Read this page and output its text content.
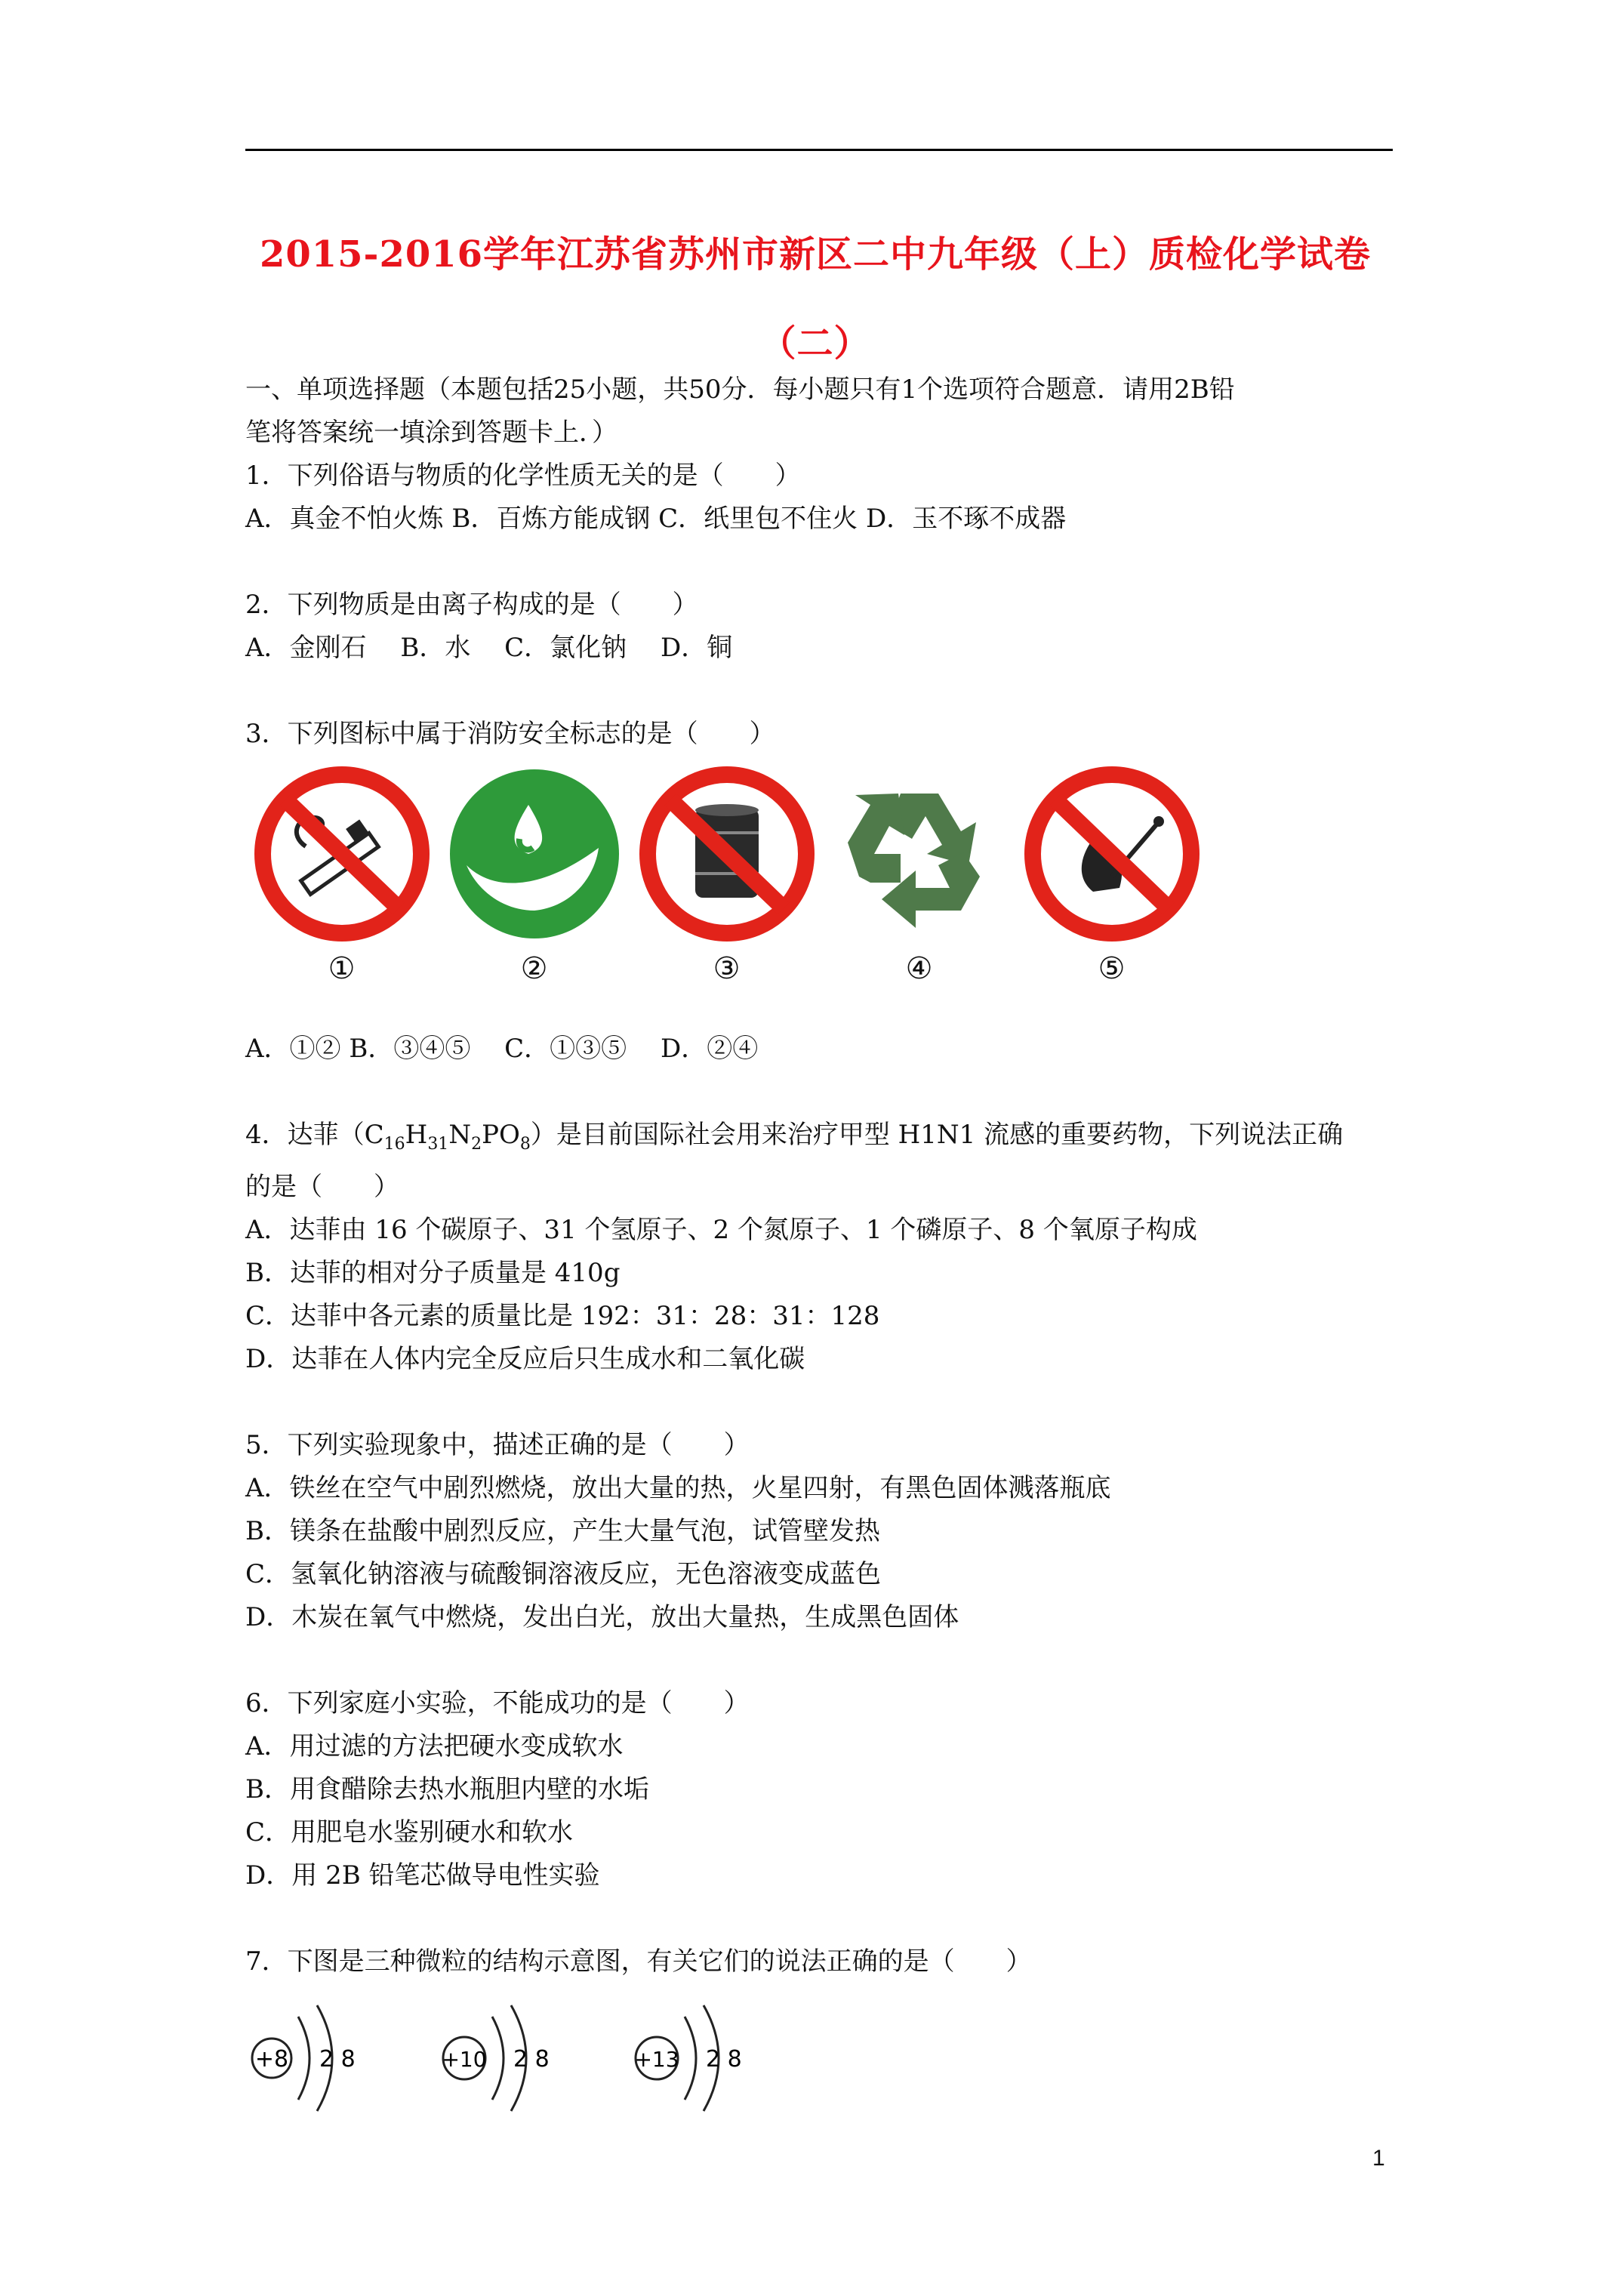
2015-2016学年江苏省苏州市新区二中九年级（上）质检化学试卷（二）
一、单项选择题（本题包括25小题，共50分．每小题只有1个选项符合题意．请用2B铅
笔将答案统一填涂到答题卡上．）
1．下列俗语与物质的化学性质无关的是（　　）
A．真金不怕火炼 B．百炼方能成钢 C．纸里包不住火 D．玉不琢不成器
2．下列物质是由离子构成的是（　　）
A．金刚石　 B．水　 C．氯化钠　 D．铜
3．下列图标中属于消防安全标志的是（　　）
①	②	③	④	⑤
A．①② B．③④⑤　 C．①③⑤　 D．②④
4．达菲$(C_{16}H_{31}N_2PO_8)$是目前国际社会用来治疗甲型 H1N1 流感的重要药物，下列说法正确
的是（　　）
A．达菲由 16 个碳原子、31 个氢原子、2 个氮原子、1 个磷原子、8 个氧原子构成
B．达菲的相对分子质量是 410g
C．达菲中各元素的质量比是 192：31：28：31：128
D．达菲在人体内完全反应后只生成水和二氧化碳
5．下列实验现象中，描述正确的是（　　）
A．铁丝在空气中剧烈燃烧，放出大量的热，火星四射，有黑色固体溅落瓶底
B．镁条在盐酸中剧烈反应，产生大量气泡，试管壁发热
C．氢氧化钠溶液与硫酸铜溶液反应，无色溶液变成蓝色
D．木炭在氧气中燃烧，发出白光，放出大量热，生成黑色固体
6．下列家庭小实验，不能成功的是（　　）
A．用过滤的方法把硬水变成软水
B．用食醋除去热水瓶胆内壁的水垢
C．用肥皂水鉴别硬水和软水
D．用 2B 铅笔芯做导电性实验
7．下图是三种微粒的结构示意图，有关它们的说法正确的是（　　）
+8 2 8	+10 2 8	+13 2 8
1
